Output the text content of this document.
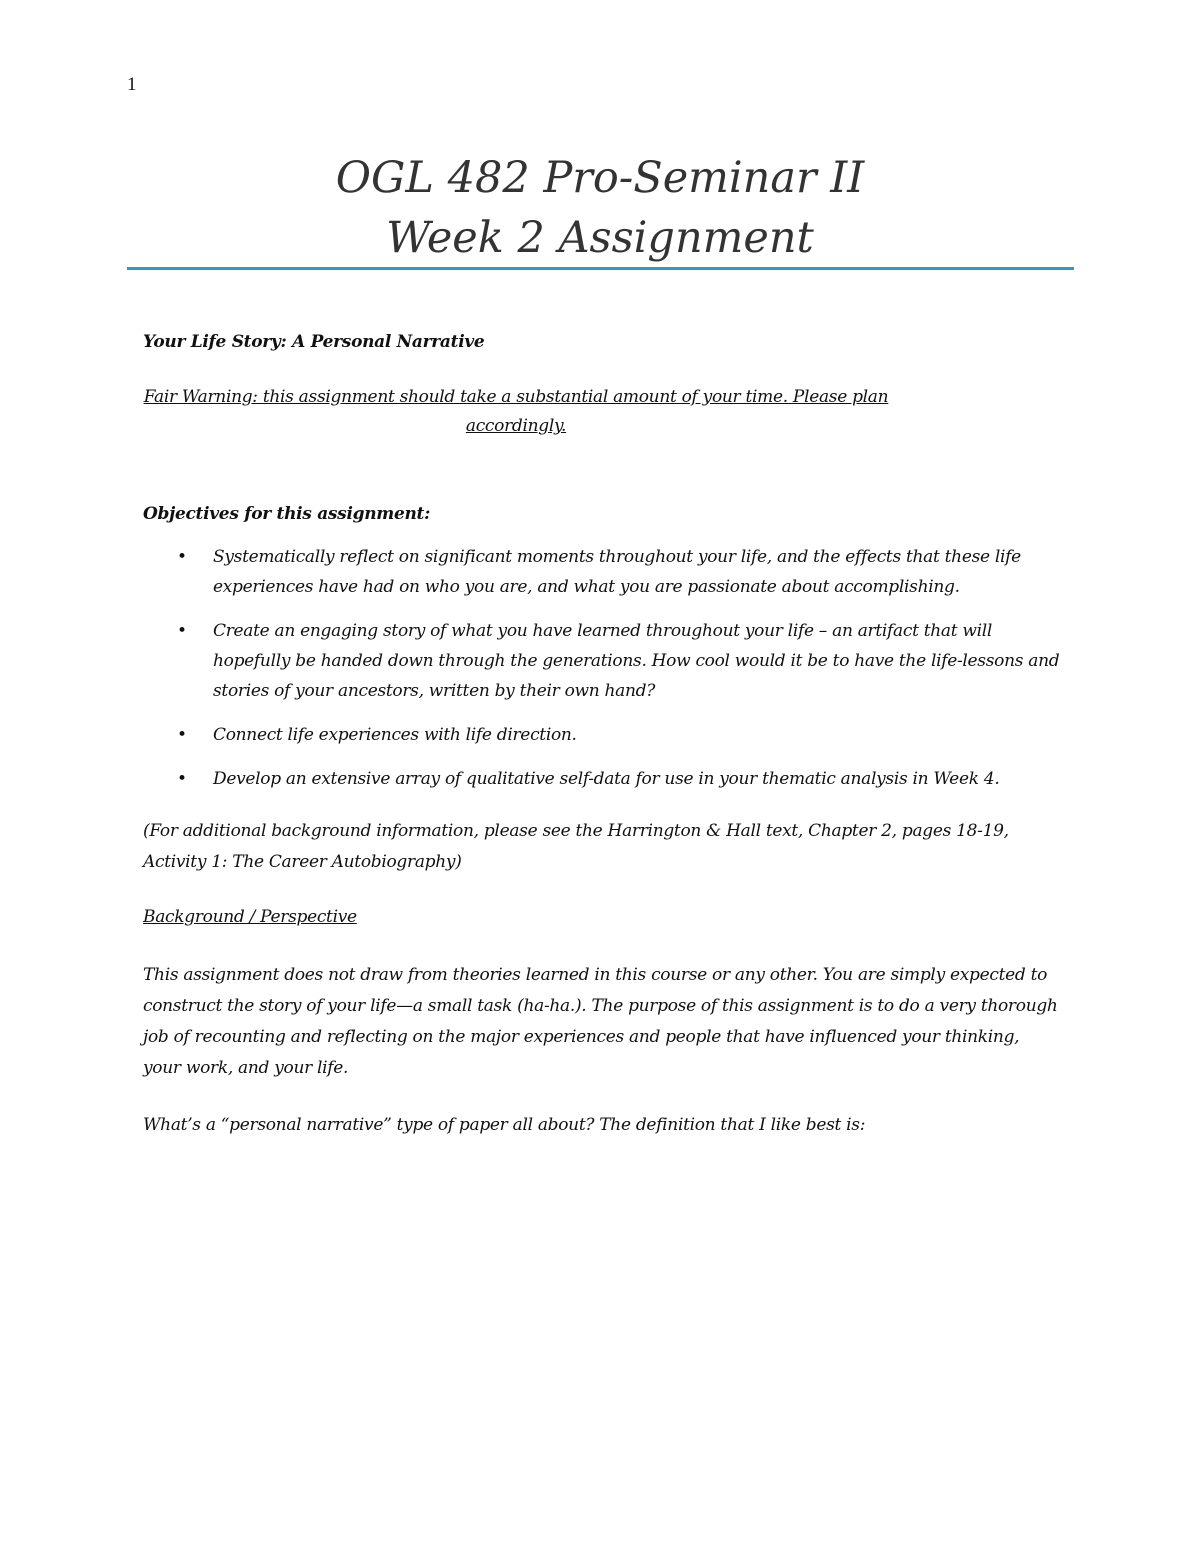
1
OGL 482 Pro-Seminar II
Week 2 Assignment
Your Life Story: A Personal Narrative
Fair Warning: this assignment should take a substantial amount of your time. Please plan accordingly.
Objectives for this assignment:
• Systematically reflect on significant moments throughout your life, and the effects that these life experiences have had on who you are, and what you are passionate about accomplishing.
• Create an engaging story of what you have learned throughout your life – an artifact that will hopefully be handed down through the generations. How cool would it be to have the life-lessons and stories of your ancestors, written by their own hand?
• Connect life experiences with life direction.
• Develop an extensive array of qualitative self-data for use in your thematic analysis in Week 4.
(For additional background information, please see the Harrington & Hall text, Chapter 2, pages 18-19, Activity 1: The Career Autobiography)
Background / Perspective
This assignment does not draw from theories learned in this course or any other. You are simply expected to construct the story of your life—a small task (ha-ha.). The purpose of this assignment is to do a very thorough job of recounting and reflecting on the major experiences and people that have influenced your thinking, your work, and your life.
What’s a “personal narrative” type of paper all about? The definition that I like best is:
